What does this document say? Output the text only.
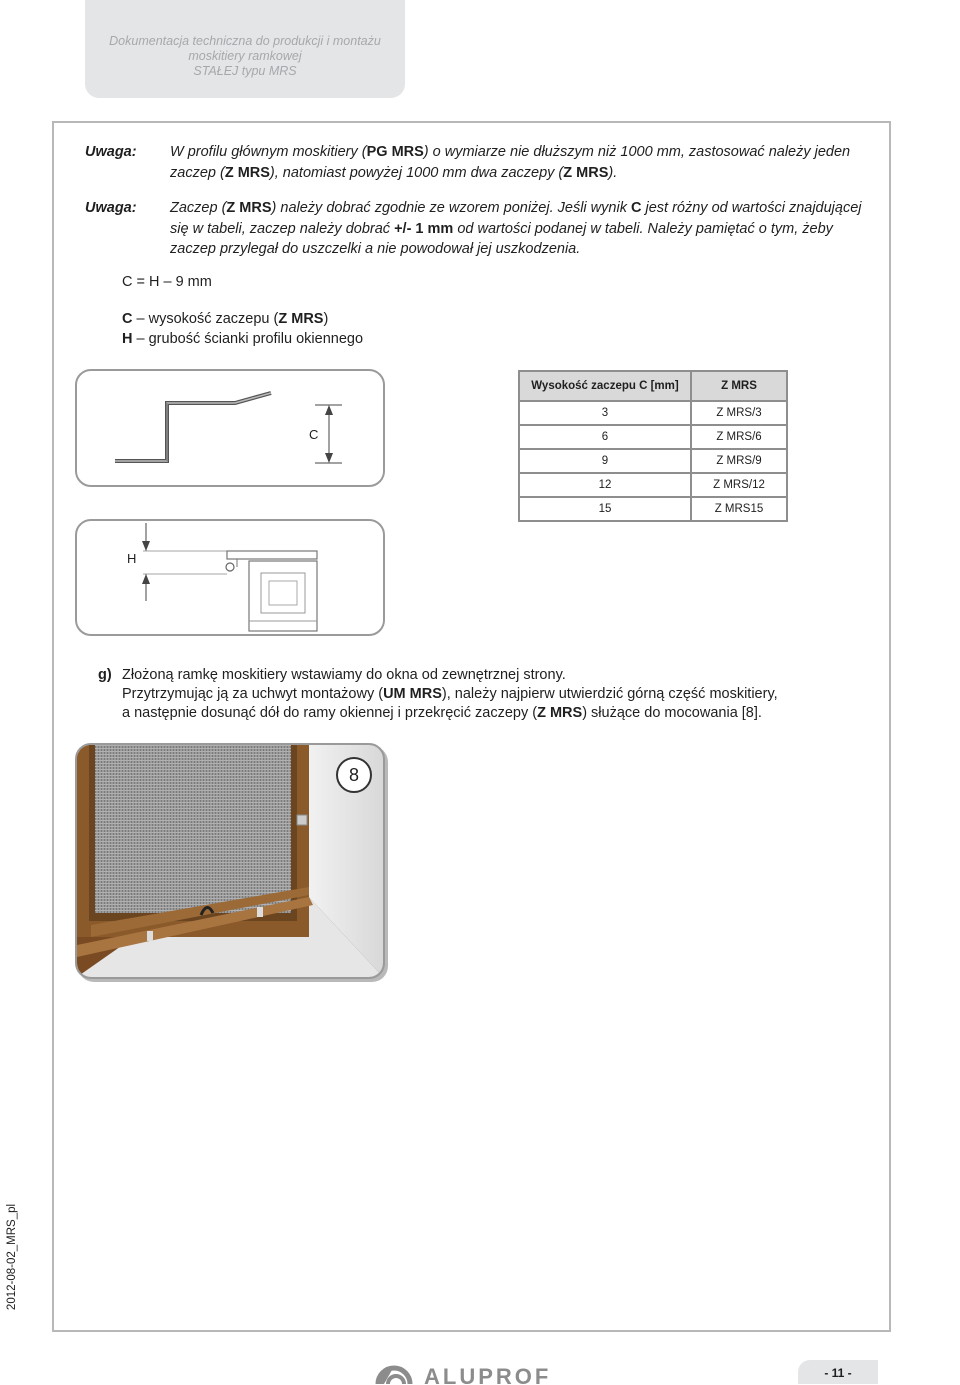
Dokumentacja techniczna do produkcji i montażu
moskitiery ramkowej
STAŁEJ typu MRS
Uwaga: W profilu głównym moskitiery (PG MRS) o wymiarze nie dłuższym niż 1000 mm, zastosować należy jeden zaczep (Z MRS), natomiast powyżej 1000 mm dwa zaczepy (Z MRS).
Uwaga: Zaczep (Z MRS) należy dobrać zgodnie ze wzorem poniżej. Jeśli wynik C jest różny od wartości znajdującej się w tabeli, zaczep należy dobrać +/- 1 mm od wartości podanej w tabeli. Należy pamiętać o tym, żeby zaczep przylegał do uszczelki a nie powodował jej uszkodzenia.
C = H – 9 mm
C – wysokość zaczepu (Z MRS)
H – grubość ścianki profilu okiennego
C
H
Wysokość zaczepu C [mm]	Z MRS
3	Z MRS/3
6	Z MRS/6
9	Z MRS/9
12	Z MRS/12
15	Z MRS15
g) Złożoną ramkę moskitiery wstawiamy do okna od zewnętrznej strony.
Przytrzymując ją za uchwyt montażowy (UM MRS), należy najpierw utwierdzić górną część moskitiery,
a następnie dosunąć dół do ramy okiennej i przekręcić zaczepy (Z MRS) służące do mocowania [8].
8
2012-08-02_MRS_pl
ALUPROF	- 11 -
